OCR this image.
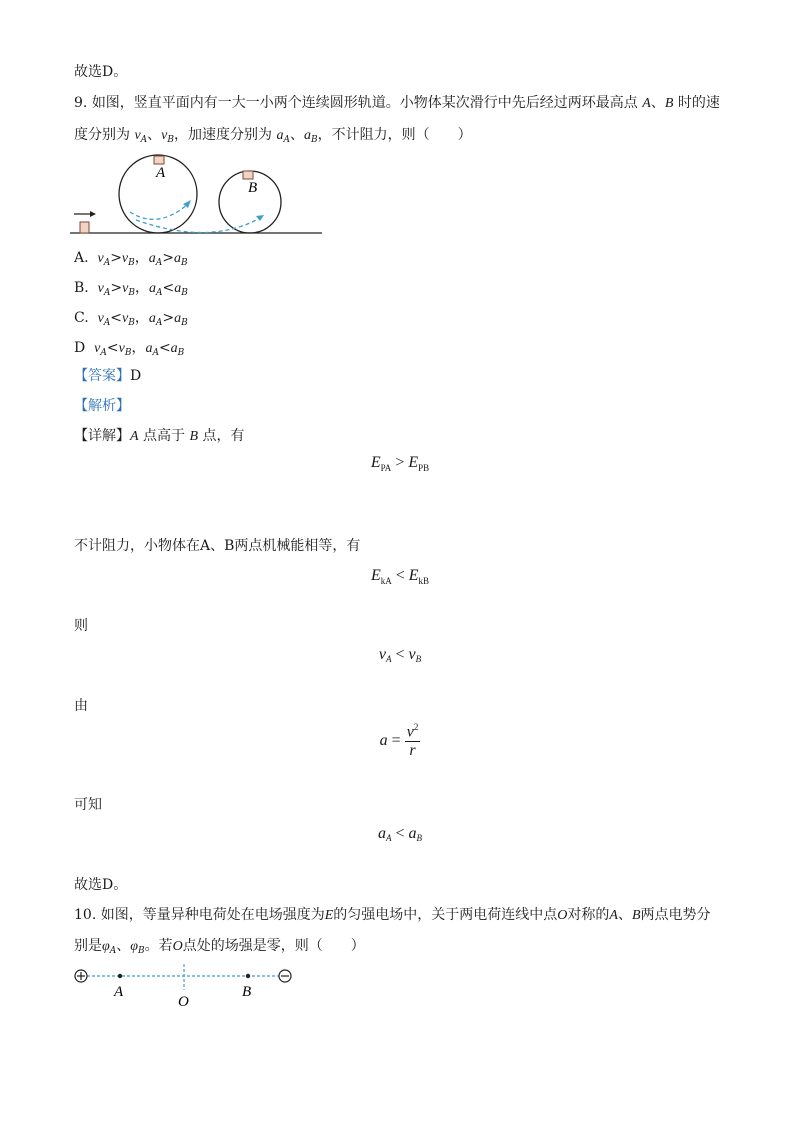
故选D。
9. 如图，竖直平面内有一大一小两个连续圆形轨道。小物体某次滑行中先后经过两环最高点 A、B 时的速
度分别为 $v_A$、$v_B$，加速度分别为 $a_A$、$a_B$，不计阻力，则（　　）
A
B
A. $v_A>v_B$，$a_A>a_B$
B. $v_A>v_B$，$a_A<a_B$
C. $v_A<v_B$，$a_A>a_B$
D $v_A<v_B$，$a_A<a_B$
【答案】D
【解析】
【详解】A 点高于 B 点，有
$E_{PA} > E_{PB}$
不计阻力，小物体在A、B两点机械能相等，有
$E_{kA} < E_{kB}$
则
$v_A < v_B$
由
$a = \frac{v^2}{r}$
可知
$a_A < a_B$
故选D。
10. 如图，等量异种电荷处在电场强度为E的匀强电场中，关于两电荷连线中点O对称的A、B两点电势分
别是$\varphi_A$、$\varphi_B$。若O点处的场强是零，则（　　）
A
O
B
